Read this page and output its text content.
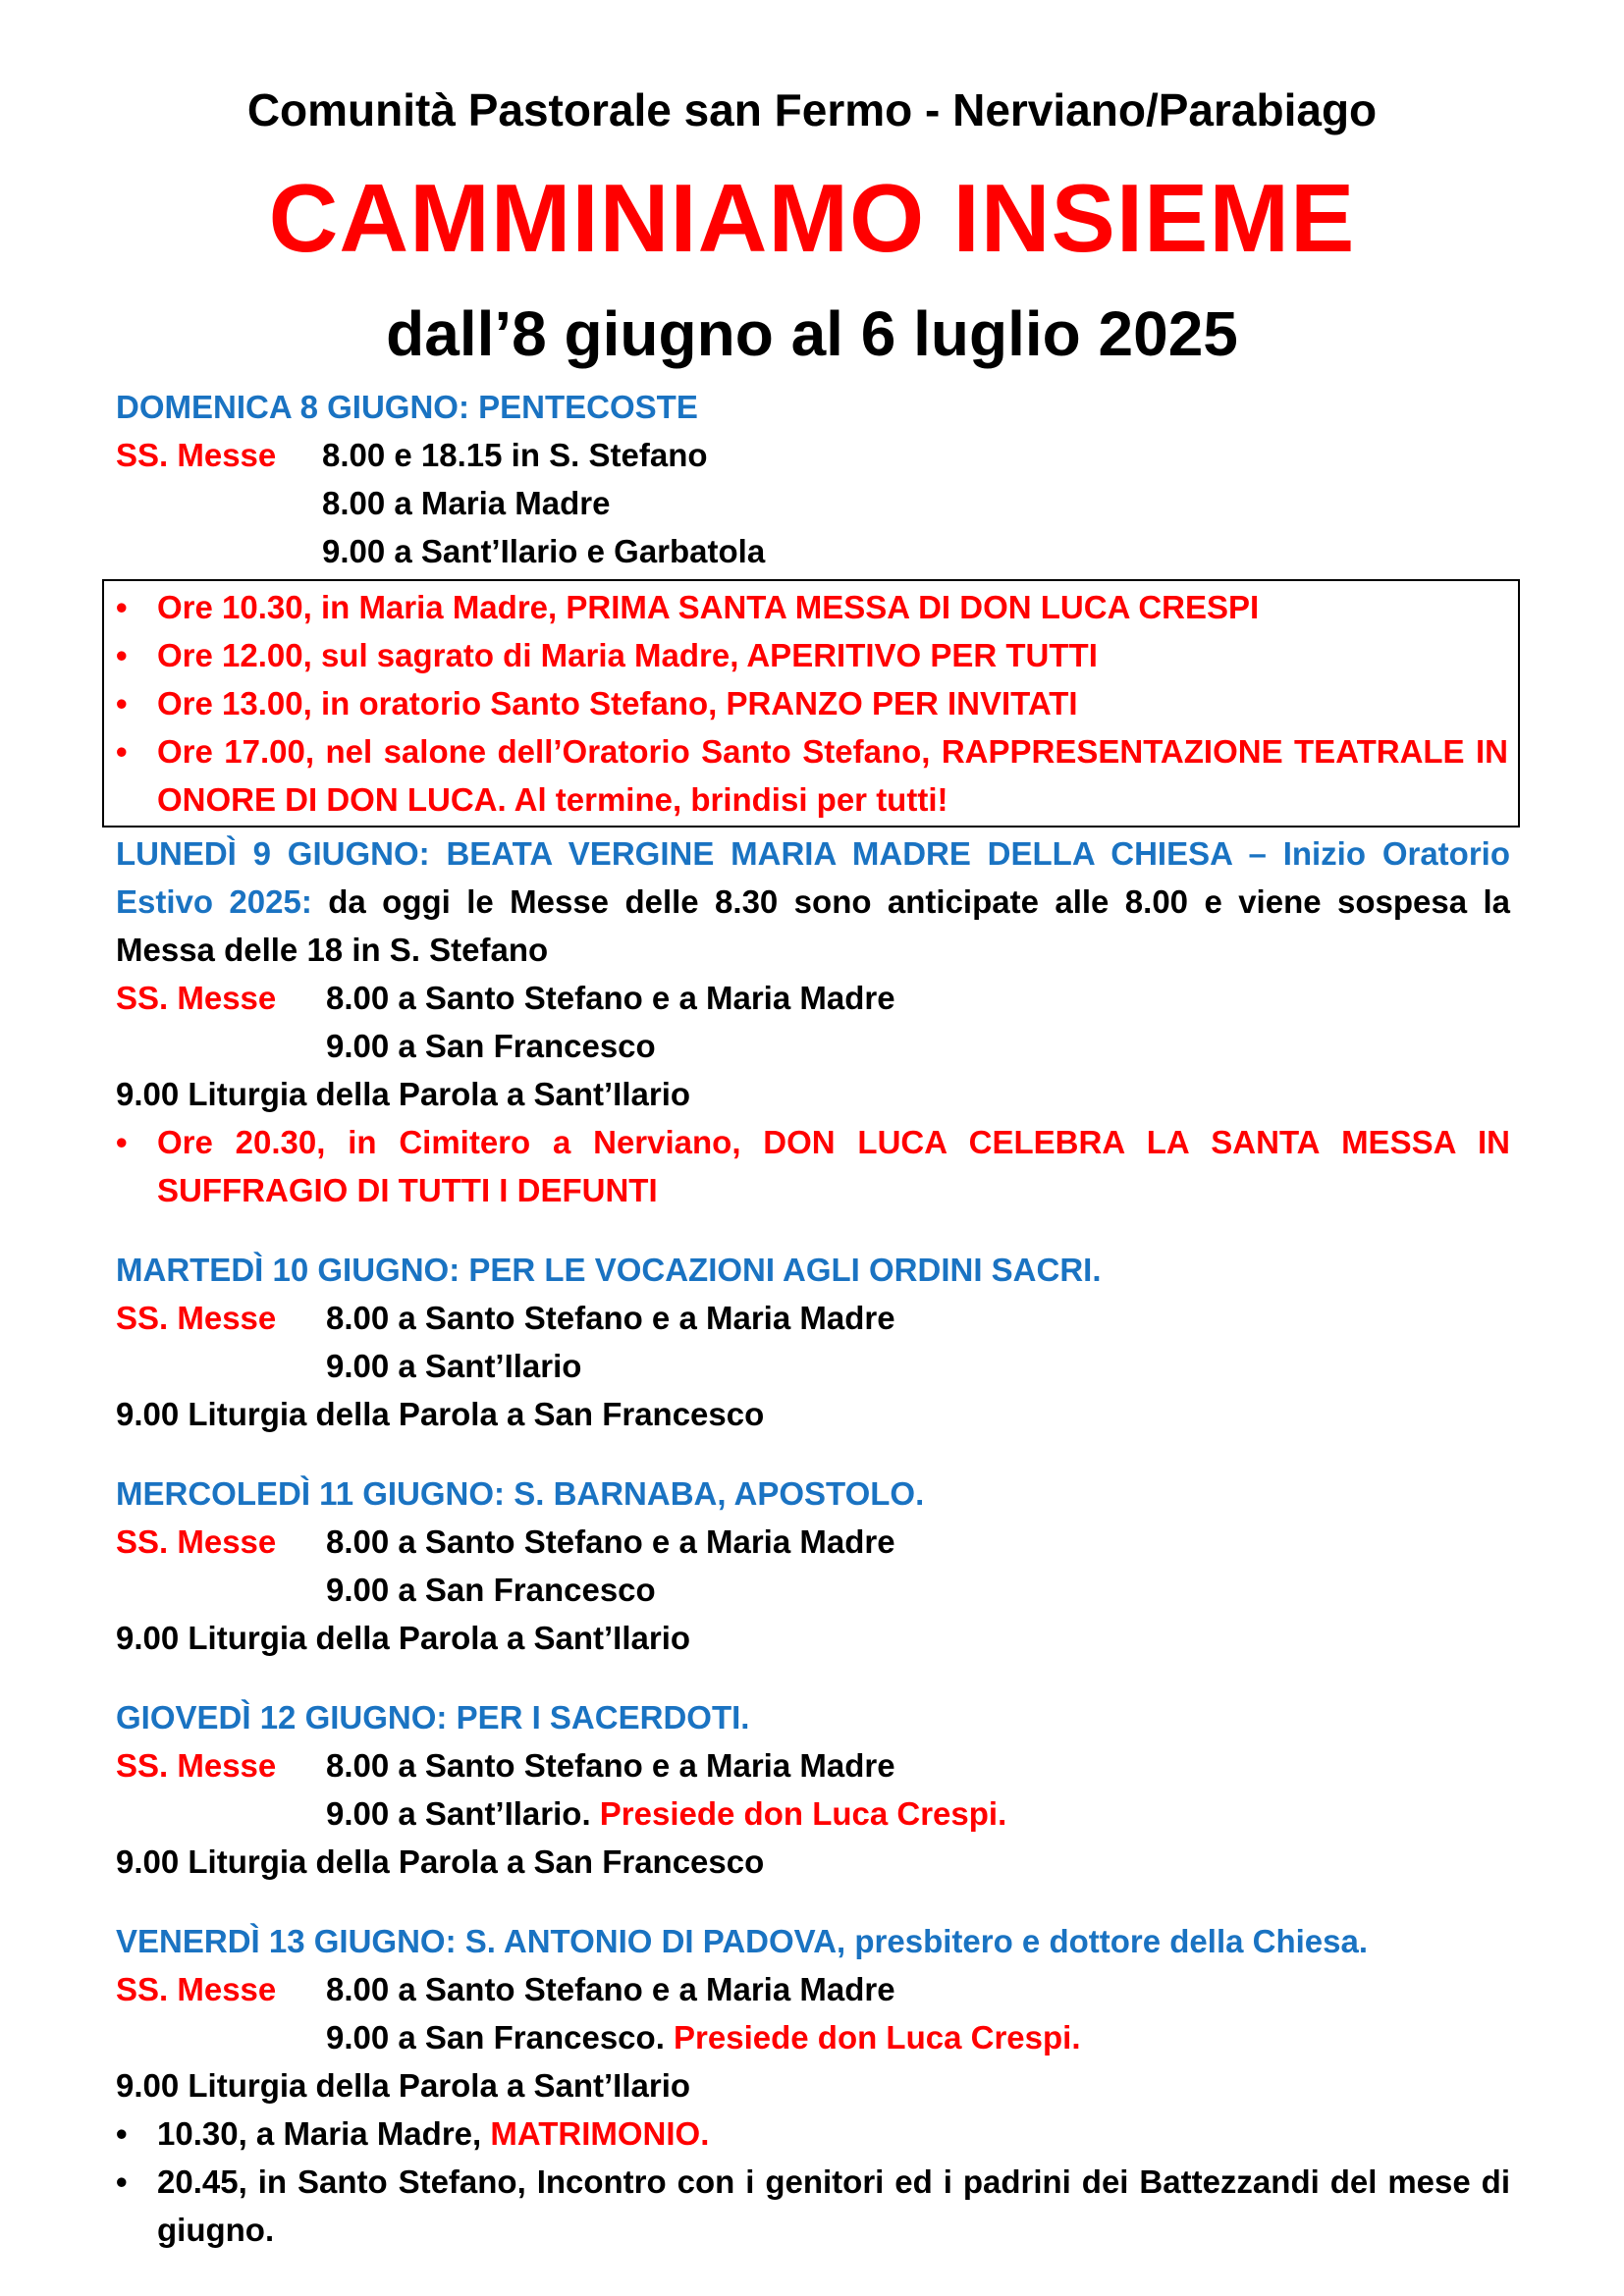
Comunità Pastorale san Fermo - Nerviano/Parabiago
CAMMINIAMO INSIEME
dall’8 giugno al 6 luglio 2025
DOMENICA 8 GIUGNO: PENTECOSTE
SS. Messe	8.00 e 18.15 in S. Stefano
8.00 a Maria Madre
9.00 a Sant’Ilario e Garbatola
• Ore 10.30, in Maria Madre, PRIMA SANTA MESSA DI DON LUCA CRESPI
• Ore 12.00, sul sagrato di Maria Madre, APERITIVO PER TUTTI
• Ore 13.00, in oratorio Santo Stefano, PRANZO PER INVITATI
• Ore 17.00, nel salone dell’Oratorio Santo Stefano, RAPPRESENTAZIONE TEATRALE IN ONORE DI DON LUCA. Al termine, brindisi per tutti!
LUNEDÌ 9 GIUGNO: BEATA VERGINE MARIA MADRE DELLA CHIESA – Inizio Oratorio Estivo 2025: da oggi le Messe delle 8.30 sono anticipate alle 8.00 e viene sospesa la Messa delle 18 in S. Stefano
SS. Messe	8.00 a Santo Stefano e a Maria Madre
9.00 a San Francesco
9.00 Liturgia della Parola a Sant’Ilario
• Ore 20.30, in Cimitero a Nerviano, DON LUCA CELEBRA LA SANTA MESSA IN SUFFRAGIO DI TUTTI I DEFUNTI
MARTEDÌ 10 GIUGNO: PER LE VOCAZIONI AGLI ORDINI SACRI.
SS. Messe	8.00 a Santo Stefano e a Maria Madre
9.00 a Sant’Ilario
9.00 Liturgia della Parola a San Francesco
MERCOLEDÌ 11 GIUGNO: S. BARNABA, APOSTOLO.
SS. Messe	8.00 a Santo Stefano e a Maria Madre
9.00 a San Francesco
9.00 Liturgia della Parola a Sant’Ilario
GIOVEDÌ 12 GIUGNO: PER I SACERDOTI.
SS. Messe	8.00 a Santo Stefano e a Maria Madre
9.00 a Sant’Ilario. Presiede don Luca Crespi.
9.00 Liturgia della Parola a San Francesco
VENERDÌ 13 GIUGNO: S. ANTONIO DI PADOVA, presbitero e dottore della Chiesa.
SS. Messe	8.00 a Santo Stefano e a Maria Madre
9.00 a San Francesco. Presiede don Luca Crespi.
9.00 Liturgia della Parola a Sant’Ilario
• 10.30, a Maria Madre, MATRIMONIO.
• 20.45, in Santo Stefano, Incontro con i genitori ed i padrini dei Battezzandi del mese di giugno.
